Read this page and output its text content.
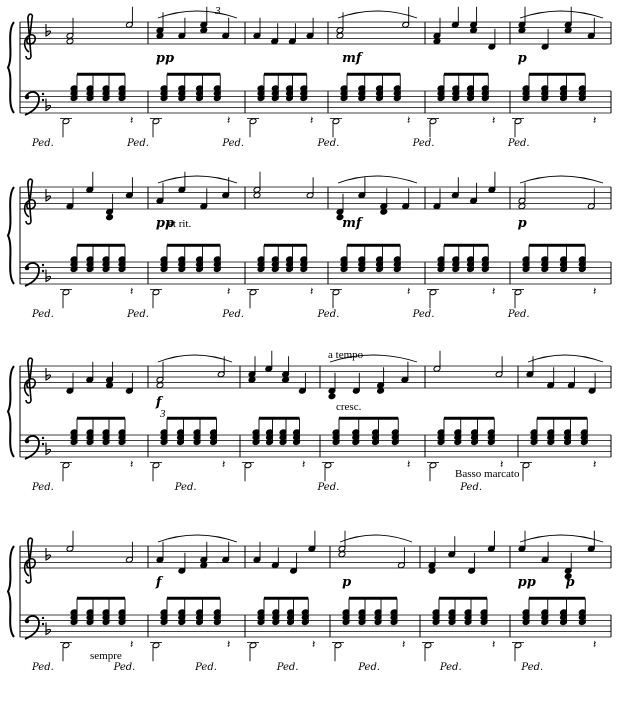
𝄽	𝄽	𝄽	𝄽	𝄽	𝄽
Ped.	Ped.	Ped.	Ped.	Ped.	Ped.
pp	mf	p
𝄽	𝄽	𝄽	𝄽	𝄽	𝄽
Ped.	Ped.	Ped.	Ped.	Ped.	Ped.
pp	mf	p
et rit.
𝄽	𝄽	𝄽	𝄽	𝄽	𝄽
Ped.	Ped.	Ped.	Ped.
f
a tempo
cresc.
Basso marcato
𝄽	𝄽	𝄽	𝄽	𝄽	𝄽
Ped.	Ped.	Ped.	Ped.	Ped.	Ped.	Ped.
f	p	pp p
sempre
3
3
